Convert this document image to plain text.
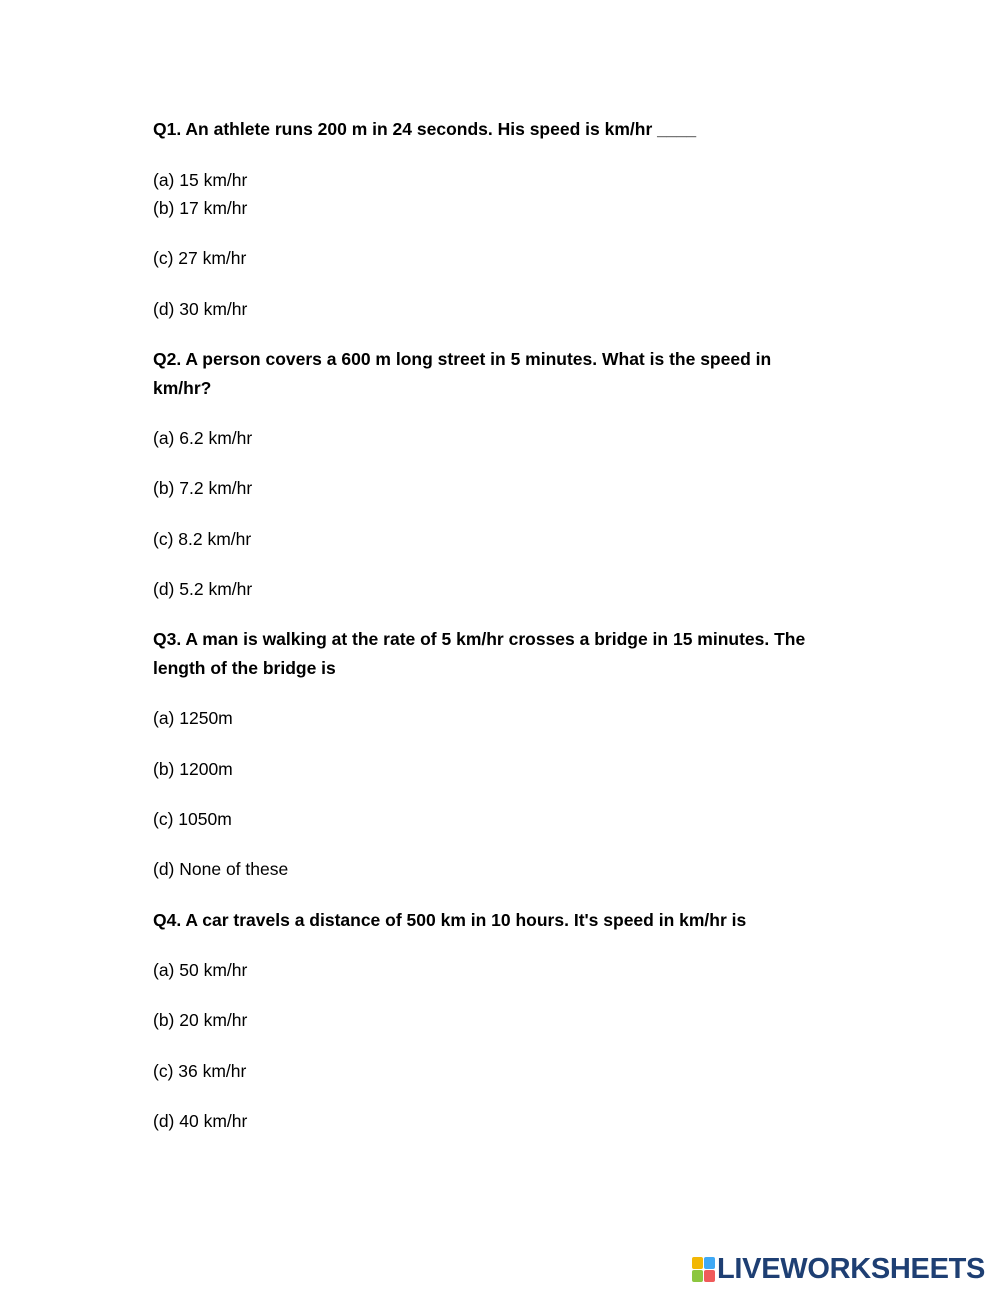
Q1. An athlete runs 200 m in 24 seconds. His speed is km/hr ____
(a) 15 km/hr
(b) 17 km/hr
(c) 27 km/hr
(d) 30 km/hr
Q2. A person covers a 600 m long street in 5 minutes. What is the speed in
km/hr?
(a) 6.2 km/hr
(b) 7.2 km/hr
(c) 8.2 km/hr
(d) 5.2 km/hr
Q3. A man is walking at the rate of 5 km/hr crosses a bridge in 15 minutes. The
length of the bridge is
(a) 1250m
(b) 1200m
(c) 1050m
(d) None of these
Q4. A car travels a distance of 500 km in 10 hours. It's speed in km/hr is
(a) 50 km/hr
(b) 20 km/hr
(c) 36 km/hr
(d) 40 km/hr
LIVEWORKSHEETS
